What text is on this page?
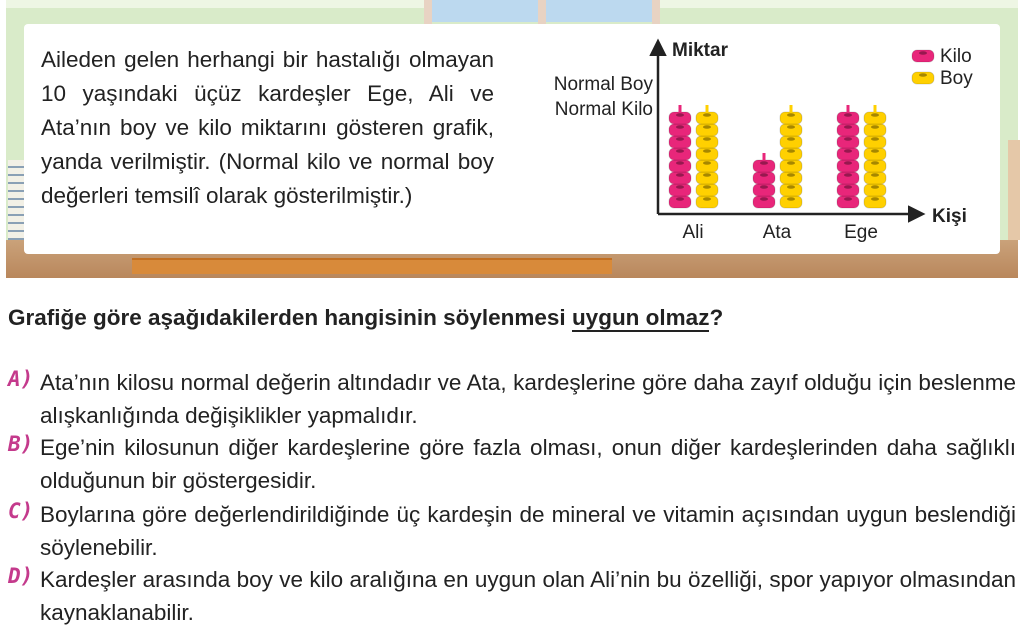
Aileden gelen herhangi bir hastalığı olmayan 10 yaşındaki üçüz kardeşler Ege, Ali ve Ata’nın boy ve kilo miktarını gösteren grafik, yanda verilmiştir. (Normal kilo ve normal boy değerleri temsilî olarak gösterilmiştir.)

Miktar
Kişi
Normal Boy
Normal Kilo
Ali	Ata	Ege
Kilo
Boy

Grafiğe göre aşağıdakilerden hangisinin söylenmesi uygun olmaz?

A) Ata’nın kilosu normal değerin altındadır ve Ata, kardeşlerine göre daha zayıf olduğu için beslenme alışkanlığında değişiklikler yapmalıdır.

B) Ege’nin kilosunun diğer kardeşlerine göre fazla olması, onun diğer kardeşlerinden daha sağlıklı olduğunun bir göstergesidir.

C) Boylarına göre değerlendirildiğinde üç kardeşin de mineral ve vitamin açısından uygun beslendiği söylenebilir.

D) Kardeşler arasında boy ve kilo aralığına en uygun olan Ali’nin bu özelliği, spor yapıyor olmasından kaynaklanabilir.
